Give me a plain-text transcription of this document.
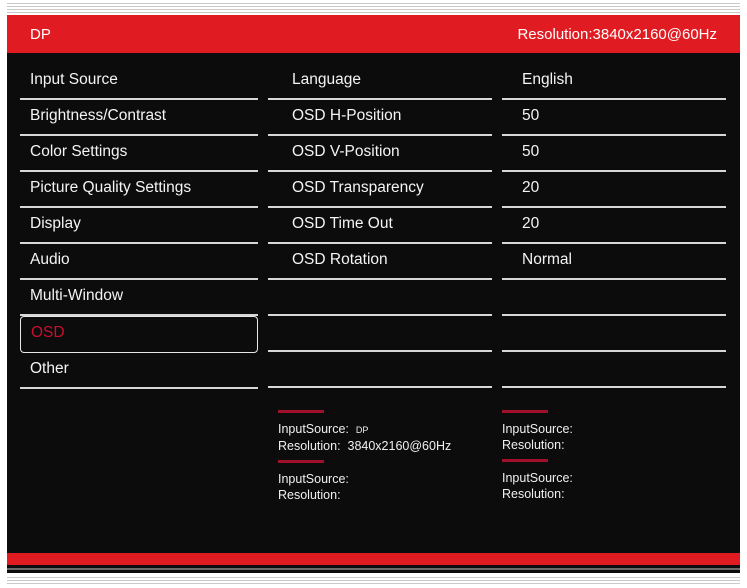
DP	Resolution:3840x2160@60Hz
Input Source
Brightness/Contrast
Color Settings
Picture Quality Settings
Display
Audio
Multi-Window
OSD
Other
Language
OSD H-Position
OSD V-Position
OSD Transparency
OSD Time Out
OSD Rotation
English
50
50
20
20
Normal
InputSource: DP
Resolution: 3840x2160@60Hz
InputSource:
Resolution:
InputSource:
Resolution:
InputSource:
Resolution:
